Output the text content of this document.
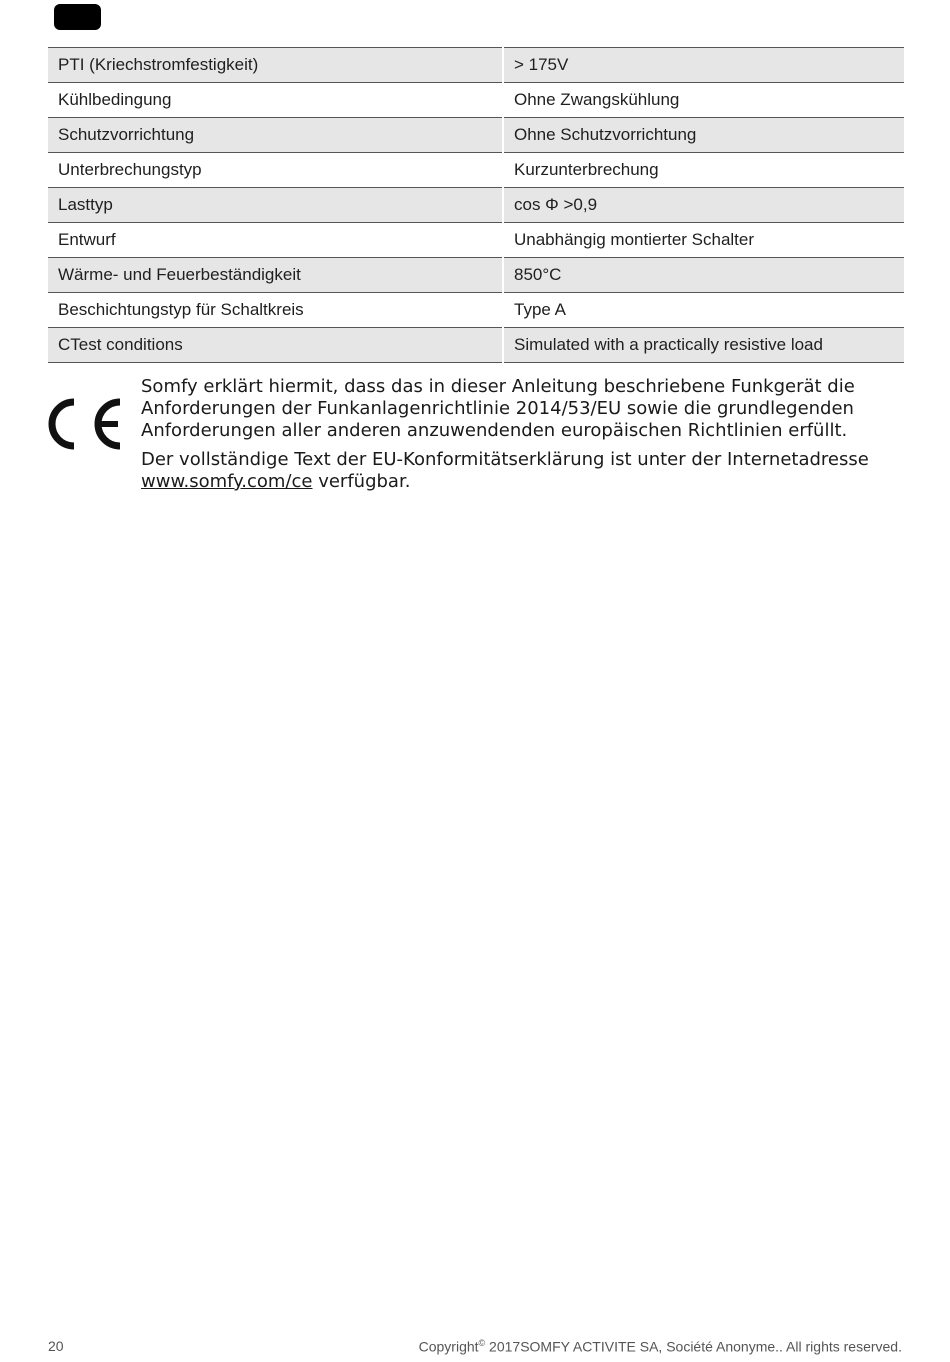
PTI (Kriechstromfestigkeit)	> 175V
Kühlbedingung	Ohne Zwangskühlung
Schutzvorrichtung	Ohne Schutzvorrichtung
Unterbrechungstyp	Kurzunterbrechung
Lasttyp	cos Φ >0,9
Entwurf	Unabhängig montierter Schalter
Wärme- und Feuerbeständigkeit	850°C
Beschichtungstyp für Schaltkreis	Type A
CTest conditions	Simulated with a practically resistive load

Somfy erklärt hiermit, dass das in dieser Anleitung beschriebene Funkgerät die Anforderungen der Funkanlagenrichtlinie 2014/53/EU sowie die grundlegenden Anforderungen aller anderen anzuwendenden europäischen Richtlinien erfüllt.

Der vollständige Text der EU-Konformitätserklärung ist unter der Internetadresse
www.somfy.com/ce verfügbar.

20	Copyright© 2017SOMFY ACTIVITE SA, Société Anonyme.. All rights reserved.
